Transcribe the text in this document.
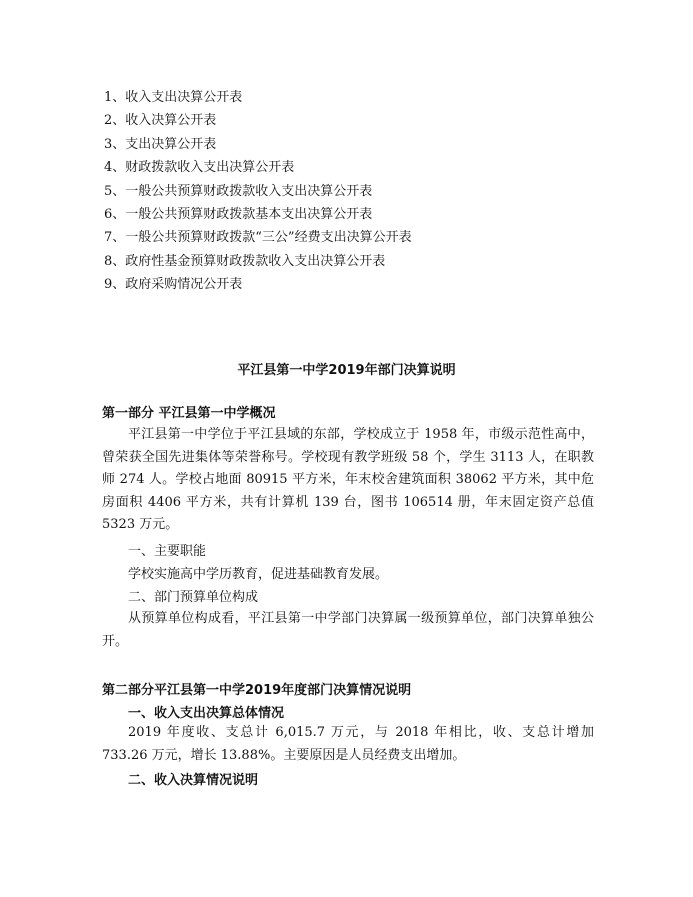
1、收入支出决算公开表
2、收入决算公开表
3、支出决算公开表
4、财政拨款收入支出决算公开表
5、一般公共预算财政拨款收入支出决算公开表
6、一般公共预算财政拨款基本支出决算公开表
7、一般公共预算财政拨款“三公”经费支出决算公开表
8、政府性基金预算财政拨款收入支出决算公开表
9、政府采购情况公开表
平江县第一中学2019年部门决算说明
第一部分 平江县第一中学概况
平江县第一中学位于平江县域的东部，学校成立于 1958 年，市级示范性高中，曾荣获全国先进集体等荣誉称号。学校现有教学班级 58 个，学生 3113 人，在职教师 274 人。学校占地面 80915 平方米，年末校舍建筑面积 38062 平方米，其中危房面积 4406 平方米，共有计算机 139 台，图书 106514 册，年末固定资产总值 5323 万元。
一、主要职能
学校实施高中学历教育，促进基础教育发展。
二、部门预算单位构成
从预算单位构成看，平江县第一中学部门决算属一级预算单位，部门决算单独公开。
第二部分平江县第一中学2019年度部门决算情况说明
一、收入支出决算总体情况
2019 年度收、支总计 6,015.7 万元，与 2018 年相比，收、支总计增加 733.26 万元，增长 13.88%。主要原因是人员经费支出增加。
二、收入决算情况说明
